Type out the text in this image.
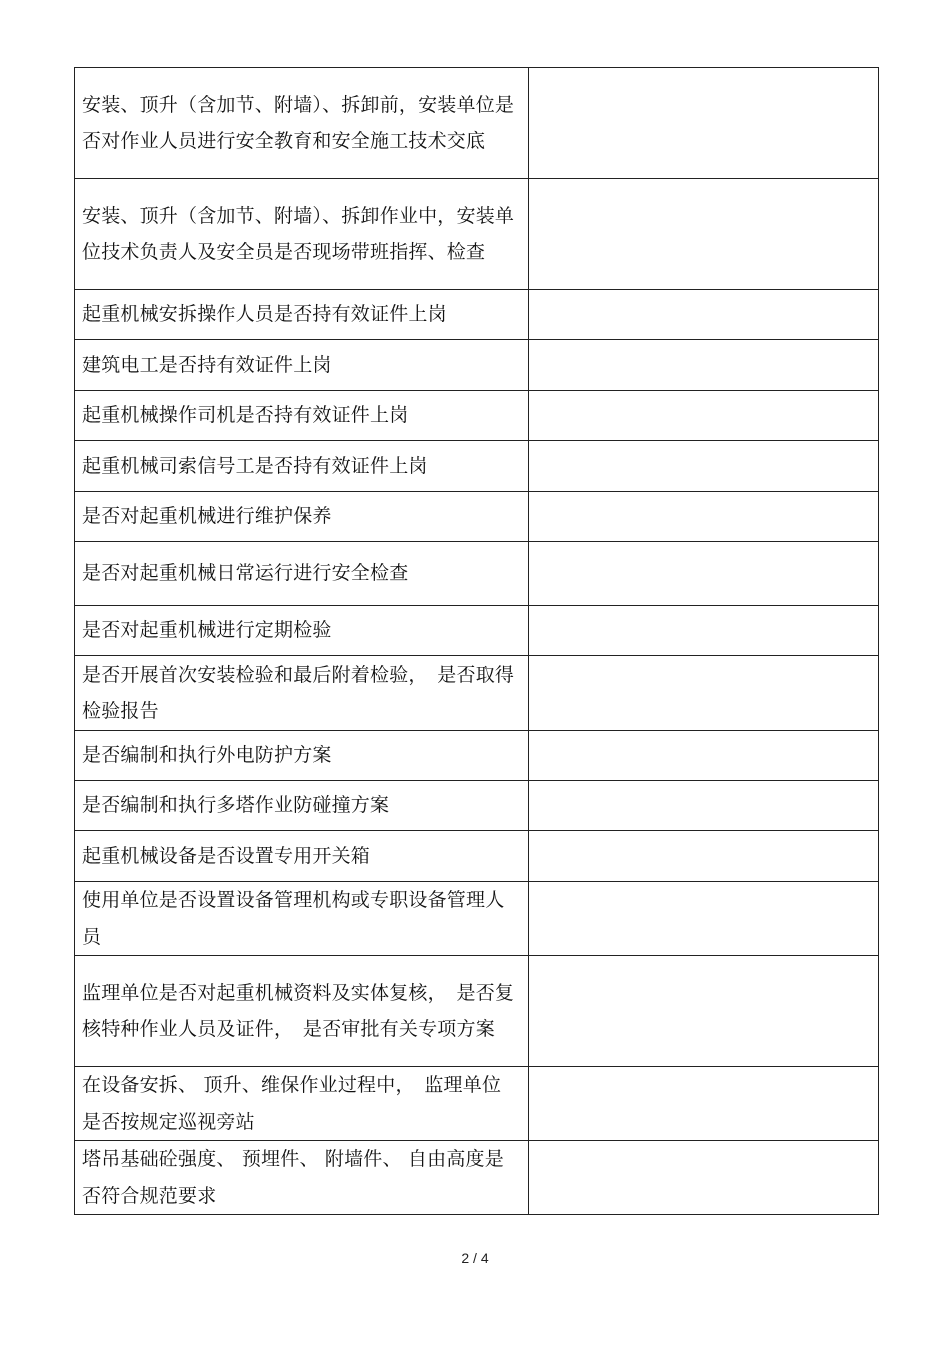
安装、顶升（含加节、附墙）、拆卸前，安装单位是否对作业人员进行安全教育和安全施工技术交底	

安装、顶升（含加节、附墙）、拆卸作业中，安装单位技术负责人及安全员是否现场带班指挥、检查	

起重机械安拆操作人员是否持有效证件上岗	

建筑电工是否持有效证件上岗	

起重机械操作司机是否持有效证件上岗	

起重机械司索信号工是否持有效证件上岗	

是否对起重机械进行维护保养	

是否对起重机械日常运行进行安全检查	

是否对起重机械进行定期检验	

是否开展首次安装检验和最后附着检验，　是否取得检验报告	

是否编制和执行外电防护方案	

是否编制和执行多塔作业防碰撞方案	

起重机械设备是否设置专用开关箱	

使用单位是否设置设备管理机构或专职设备管理人员	

监理单位是否对起重机械资料及实体复核，　是否复核特种作业人员及证件，　是否审批有关专项方案	

在设备安拆、 顶升、维保作业过程中，　监理单位是否按规定巡视旁站	

塔吊基础砼强度、 预埋件、 附墙件、 自由高度是否符合规范要求	

2 / 4
